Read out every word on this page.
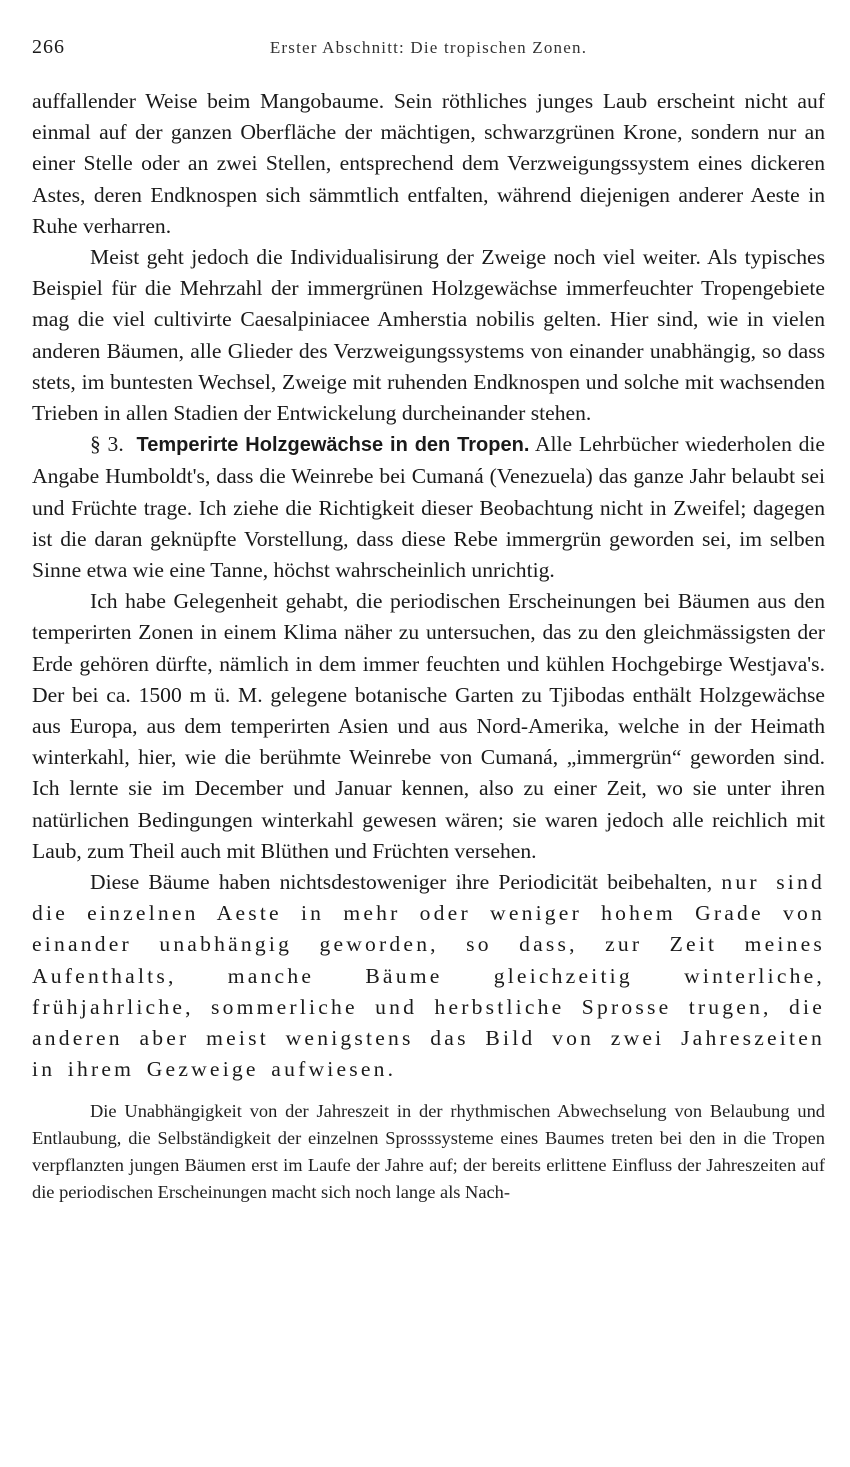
266	Erster Abschnitt: Die tropischen Zonen.

auffallender Weise beim Mangobaume. Sein röthliches junges Laub erscheint nicht auf einmal auf der ganzen Oberfläche der mächtigen, schwarzgrünen Krone, sondern nur an einer Stelle oder an zwei Stellen, entsprechend dem Verzweigungssystem eines dickeren Astes, deren Endknospen sich sämmtlich entfalten, während diejenigen anderer Aeste in Ruhe verharren.

Meist geht jedoch die Individualisirung der Zweige noch viel weiter. Als typisches Beispiel für die Mehrzahl der immergrünen Holzgewächse immerfeuchter Tropengebiete mag die viel cultivirte Caesalpiniacee Amherstia nobilis gelten. Hier sind, wie in vielen anderen Bäumen, alle Glieder des Verzweigungssystems von einander unabhängig, so dass stets, im buntesten Wechsel, Zweige mit ruhenden Endknospen und solche mit wachsenden Trieben in allen Stadien der Entwickelung durcheinander stehen.

§ 3. Temperirte Holzgewächse in den Tropen. Alle Lehrbücher wiederholen die Angabe Humboldt's, dass die Weinrebe bei Cumaná (Venezuela) das ganze Jahr belaubt sei und Früchte trage. Ich ziehe die Richtigkeit dieser Beobachtung nicht in Zweifel; dagegen ist die daran geknüpfte Vorstellung, dass diese Rebe immergrün geworden sei, im selben Sinne etwa wie eine Tanne, höchst wahrscheinlich unrichtig.

Ich habe Gelegenheit gehabt, die periodischen Erscheinungen bei Bäumen aus den temperirten Zonen in einem Klima näher zu untersuchen, das zu den gleichmässigsten der Erde gehören dürfte, nämlich in dem immer feuchten und kühlen Hochgebirge Westjava's. Der bei ca. 1500 m ü. M. gelegene botanische Garten zu Tjibodas enthält Holzgewächse aus Europa, aus dem temperirten Asien und aus Nord-Amerika, welche in der Heimath winterkahl, hier, wie die berühmte Weinrebe von Cumaná, „immergrün“ geworden sind. Ich lernte sie im December und Januar kennen, also zu einer Zeit, wo sie unter ihren natürlichen Bedingungen winterkahl gewesen wären; sie waren jedoch alle reichlich mit Laub, zum Theil auch mit Blüthen und Früchten versehen.

Diese Bäume haben nichtsdestoweniger ihre Periodicität beibehalten, nur sind die einzelnen Aeste in mehr oder weniger hohem Grade von einander unabhängig geworden, so dass, zur Zeit meines Aufenthalts, manche Bäume gleichzeitig winterliche, frühjahrliche, sommerliche und herbstliche Sprosse trugen, die anderen aber meist wenigstens das Bild von zwei Jahreszeiten in ihrem Gezweige aufwiesen.

Die Unabhängigkeit von der Jahreszeit in der rhythmischen Abwechselung von Belaubung und Entlaubung, die Selbständigkeit der einzelnen Sprosssysteme eines Baumes treten bei den in die Tropen verpflanzten jungen Bäumen erst im Laufe der Jahre auf; der bereits erlittene Einfluss der Jahreszeiten auf die periodischen Erscheinungen macht sich noch lange als Nach-
